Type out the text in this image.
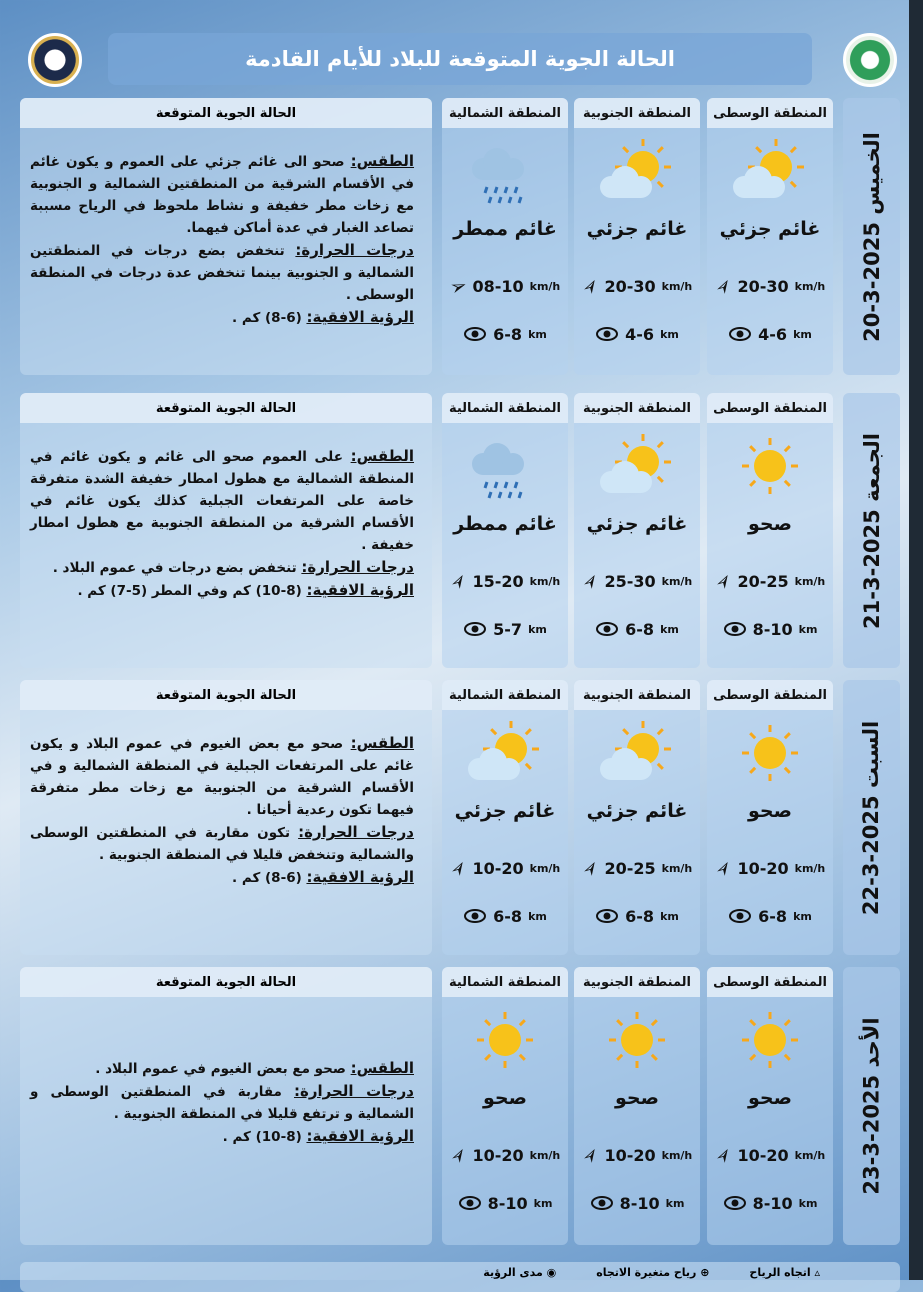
الحالة الجوية المتوقعة للبلاد للأيام القادمة
الخميس 2025-3-20
المنطقة الوسطى
غائم جزئي
➢ 20-30 km/h
4-6 km
المنطقة الجنوبية
غائم جزئي
➢ 20-30 km/h
4-6 km
المنطقة الشمالية
غائم ممطر
➢ 08-10 km/h
6-8 km
الحالة الجوية المتوقعة

الطقس: صحو الى غائم جزئي على العموم و يكون غائم في الأقسام الشرقية من المنطقتين الشمالية و الجنوبية مع زخات مطر خفيفة و نشاط ملحوظ في الرياح مسببة تصاعد الغبار في عدة أماكن فيهما.

درجات الحرارة: تنخفض بضع درجات في المنطقتين الشمالية و الجنوبية بينما تنخفض عدة درجات في المنطقة الوسطى .

الرؤية الافقية: (6-8) كم .

الجمعة 2025-3-21
المنطقة الوسطى
صحو
➢ 20-25 km/h
8-10 km
المنطقة الجنوبية
غائم جزئي
➢ 25-30 km/h
6-8 km
المنطقة الشمالية
غائم ممطر
➢ 15-20 km/h
5-7 km
الحالة الجوية المتوقعة

الطقس: على العموم صحو الى غائم و يكون غائم في المنطقة الشمالية مع هطول امطار خفيفة الشدة متفرقة خاصة على المرتفعات الجبلية كذلك يكون غائم في الأقسام الشرقية من المنطقة الجنوبية مع هطول امطار خفيفة .

درجات الحرارة: تنخفض بضع درجات في عموم البلاد .

الرؤية الافقية: (8-10) كم وفي المطر (5-7) كم .

السبت 2025-3-22
المنطقة الوسطى
صحو
➢ 10-20 km/h
6-8 km
المنطقة الجنوبية
غائم جزئي
➢ 20-25 km/h
6-8 km
المنطقة الشمالية
غائم جزئي
➢ 10-20 km/h
6-8 km
الحالة الجوية المتوقعة

الطقس: صحو مع بعض الغيوم في عموم البلاد و يكون غائم على المرتفعات الجبلية في المنطقة الشمالية و في الأقسام الشرقية من الجنوبية مع زخات مطر متفرقة فيهما تكون رعدية أحيانا .

درجات الحرارة: تكون مقاربة في المنطقتين الوسطى والشمالية وتنخفض قليلا في المنطقة الجنوبية .

الرؤية الافقية: (6-8) كم .

الأحد 2025-3-23
المنطقة الوسطى
صحو
➢ 10-20 km/h
8-10 km
المنطقة الجنوبية
صحو
➢ 10-20 km/h
8-10 km
المنطقة الشمالية
صحو
➢ 10-20 km/h
8-10 km
الحالة الجوية المتوقعة

الطقس: صحو مع بعض الغيوم في عموم البلاد .

درجات الحرارة: مقاربة في المنطقتين الوسطى و الشمالية و ترتفع قليلا في المنطقة الجنوبية .

الرؤية الافقية: (8-10) كم .

▵ اتجاه الرياح
⊕ رياح متغيرة الاتجاه
◉ مدى الرؤية
